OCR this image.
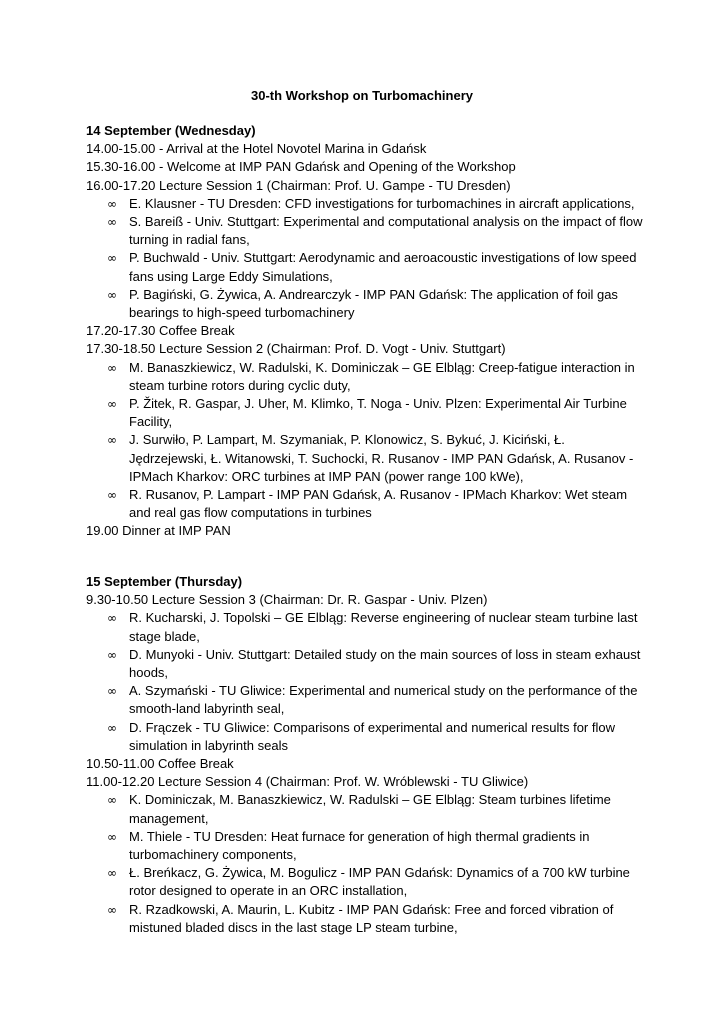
30-th Workshop on Turbomachinery
14 September (Wednesday)
14.00-15.00 - Arrival at the Hotel Novotel Marina in Gdańsk
15.30-16.00 - Welcome at IMP PAN Gdańsk and Opening of the Workshop
16.00-17.20 Lecture Session 1 (Chairman: Prof. U. Gampe - TU Dresden)
∞ E. Klausner - TU Dresden: CFD investigations for turbomachines in aircraft applications,
∞ S. Bareiß - Univ. Stuttgart: Experimental and computational analysis on the impact of flow turning in radial fans,
∞ P. Buchwald - Univ. Stuttgart: Aerodynamic and aeroacoustic investigations of low speed fans using Large Eddy Simulations,
∞ P. Bagiński, G. Żywica, A. Andrearczyk - IMP PAN Gdańsk: The application of foil gas bearings to high-speed turbomachinery
17.20-17.30 Coffee Break
17.30-18.50 Lecture Session 2 (Chairman: Prof. D. Vogt - Univ. Stuttgart)
∞ M. Banaszkiewicz, W. Radulski, K. Dominiczak – GE Elbląg: Creep-fatigue interaction in steam turbine rotors during cyclic duty,
∞ P. Žitek, R. Gaspar, J. Uher, M. Klimko, T. Noga - Univ. Plzen: Experimental Air Turbine Facility,
∞ J. Surwiło, P. Lampart, M. Szymaniak, P. Klonowicz, S. Bykuć, J. Kiciński, Ł. Jędrzejewski, Ł. Witanowski, T. Suchocki, R. Rusanov - IMP PAN Gdańsk, A. Rusanov - IPMach Kharkov: ORC turbines at IMP PAN (power range 100 kWe),
∞ R. Rusanov, P. Lampart - IMP PAN Gdańsk, A. Rusanov - IPMach Kharkov: Wet steam and real gas flow computations in turbines
19.00 Dinner at IMP PAN
15 September (Thursday)
9.30-10.50 Lecture Session 3 (Chairman: Dr. R. Gaspar - Univ. Plzen)
∞ R. Kucharski, J. Topolski – GE Elbląg: Reverse engineering of nuclear steam turbine last stage blade,
∞ D. Munyoki - Univ. Stuttgart: Detailed study on the main sources of loss in steam exhaust hoods,
∞ A. Szymański - TU Gliwice: Experimental and numerical study on the performance of the smooth-land labyrinth seal,
∞ D. Frączek - TU Gliwice: Comparisons of experimental and numerical results for flow simulation in labyrinth seals
10.50-11.00 Coffee Break
11.00-12.20 Lecture Session 4 (Chairman: Prof. W. Wróblewski - TU Gliwice)
∞ K. Dominiczak, M. Banaszkiewicz, W. Radulski – GE Elbląg: Steam turbines lifetime management,
∞ M. Thiele - TU Dresden: Heat furnace for generation of high thermal gradients in turbomachinery components,
∞ Ł. Breńkacz, G. Żywica, M. Bogulicz - IMP PAN Gdańsk: Dynamics of a 700 kW turbine rotor designed to operate in an ORC installation,
∞ R. Rzadkowski, A. Maurin, L. Kubitz - IMP PAN Gdańsk: Free and forced vibration of mistuned bladed discs in the last stage LP steam turbine,
